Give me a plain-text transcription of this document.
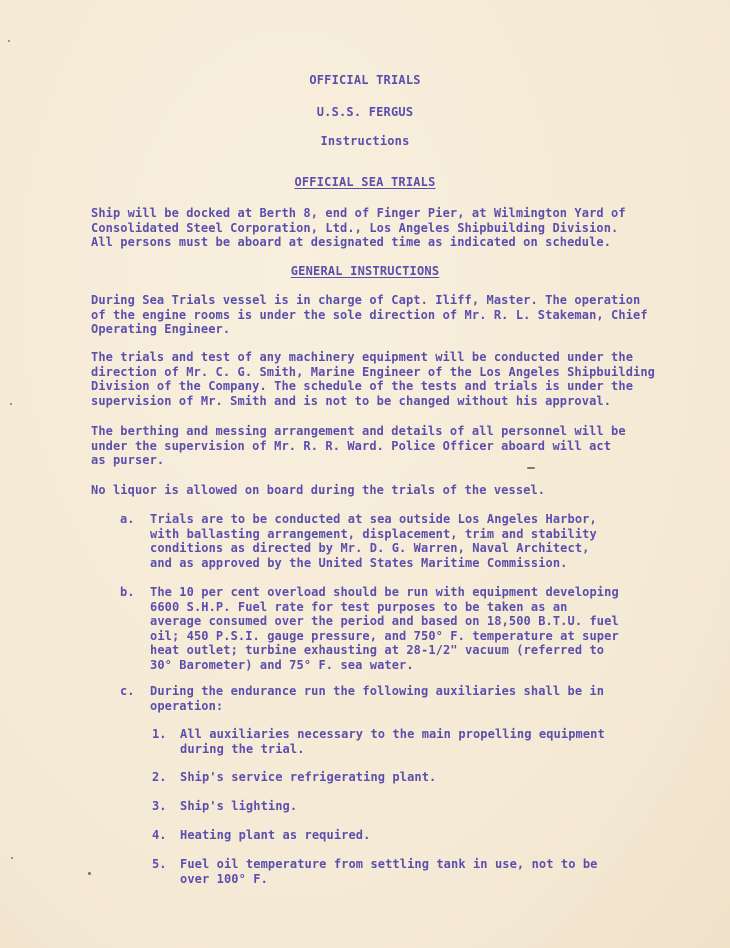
OFFICIAL TRIALS
U.S.S. FERGUS
Instructions
OFFICIAL SEA TRIALS
Ship will be docked at Berth 8, end of Finger Pier, at Wilmington Yard of
Consolidated Steel Corporation, Ltd., Los Angeles Shipbuilding Division.
All persons must be aboard at designated time as indicated on schedule.
GENERAL INSTRUCTIONS
During Sea Trials vessel is in charge of Capt. Iliff, Master. The operation
of the engine rooms is under the sole direction of Mr. R. L. Stakeman, Chief
Operating Engineer.
The trials and test of any machinery equipment will be conducted under the
direction of Mr. C. G. Smith, Marine Engineer of the Los Angeles Shipbuilding
Division of the Company. The schedule of the tests and trials is under the
supervision of Mr. Smith and is not to be changed without his approval.
The berthing and messing arrangement and details of all personnel will be
under the supervision of Mr. R. R. Ward. Police Officer aboard will act
as purser.
No liquor is allowed on board during the trials of the vessel.
a. Trials are to be conducted at sea outside Los Angeles Harbor,
with ballasting arrangement, displacement, trim and stability
conditions as directed by Mr. D. G. Warren, Naval Architect,
and as approved by the United States Maritime Commission.
b. The 10 per cent overload should be run with equipment developing
6600 S.H.P. Fuel rate for test purposes to be taken as an
average consumed over the period and based on 18,500 B.T.U. fuel
oil; 450 P.S.I. gauge pressure, and 750° F. temperature at super
heat outlet; turbine exhausting at 28-1/2" vacuum (referred to
30° Barometer) and 75° F. sea water.
c. During the endurance run the following auxiliaries shall be in
operation:
1. All auxiliaries necessary to the main propelling equipment
during the trial.
2. Ship's service refrigerating plant.
3. Ship's lighting.
4. Heating plant as required.
5. Fuel oil temperature from settling tank in use, not to be
over 100° F.
